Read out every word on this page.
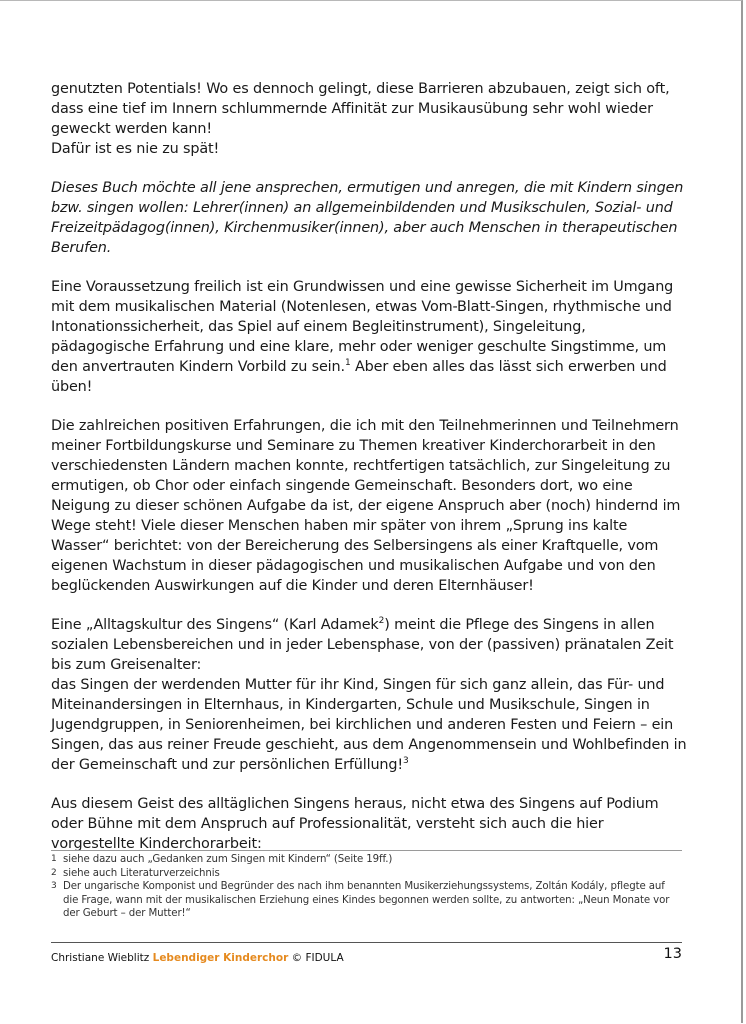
genutzten Potentials! Wo es dennoch gelingt, diese Barrieren abzubauen, zeigt sich oft, dass eine tief im Innern schlummernde Affinität zur Musikausübung sehr wohl wieder geweckt werden kann!

Dafür ist es nie zu spät!

Dieses Buch möchte all jene ansprechen, ermutigen und anregen, die mit Kindern singen bzw. singen wollen: Lehrer(innen) an allgemeinbildenden und Musikschulen, Sozial- und Freizeitpädagog(innen), Kirchenmusiker(innen), aber auch Menschen in therapeutischen Berufen.

Eine Voraussetzung freilich ist ein Grundwissen und eine gewisse Sicherheit im Umgang mit dem musikalischen Material (Notenlesen, etwas Vom-Blatt-Singen, rhythmische und Intonationssicherheit, das Spiel auf einem Begleitinstrument), Singeleitung, pädagogische Erfahrung und eine klare, mehr oder weniger geschulte Singstimme, um den anvertrauten Kindern Vorbild zu sein.$^1$ Aber eben alles das lässt sich erwerben und üben!

Die zahlreichen positiven Erfahrungen, die ich mit den Teilnehmerinnen und Teilnehmern meiner Fortbildungskurse und Seminare zu Themen kreativer Kinderchorarbeit in den verschiedensten Ländern machen konnte, rechtfertigen tatsächlich, zur Singeleitung zu ermutigen, ob Chor oder einfach singende Gemeinschaft. Besonders dort, wo eine Neigung zu dieser schönen Aufgabe da ist, der eigene Anspruch aber (noch) hindernd im Wege steht! Viele dieser Menschen haben mir später von ihrem „Sprung ins kalte Wasser“ berichtet: von der Bereicherung des Selbersingens als einer Kraftquelle, vom eigenen Wachstum in dieser pädagogischen und musikalischen Aufgabe und von den beglückenden Auswirkungen auf die Kinder und deren Elternhäuser!

Eine „Alltagskultur des Singens“ (Karl Adamek$^2$) meint die Pflege des Singens in allen sozialen Lebensbereichen und in jeder Lebensphase, von der (passiven) pränatalen Zeit bis zum Greisenalter:

das Singen der werdenden Mutter für ihr Kind, Singen für sich ganz allein, das Für- und Miteinandersingen in Elternhaus, in Kindergarten, Schule und Musikschule, Singen in Jugendgruppen, in Seniorenheimen, bei kirchlichen und anderen Festen und Feiern – ein Singen, das aus reiner Freude geschieht, aus dem Angenommensein und Wohlbefinden in der Gemeinschaft und zur persönlichen Erfüllung!$^3$

Aus diesem Geist des alltäglichen Singens heraus, nicht etwa des Singens auf Podium oder Bühne mit dem Anspruch auf Professionalität, versteht sich auch die hier vorgestellte Kinderchorarbeit:

1 siehe dazu auch „Gedanken zum Singen mit Kindern“ (Seite 19ff.)
2 siehe auch Literaturverzeichnis
3 Der ungarische Komponist und Begründer des nach ihm benannten Musikerziehungssystems, Zoltán Kodály, pflegte auf die Frage, wann mit der musikalischen Erziehung eines Kindes begonnen werden sollte, zu antworten: „Neun Monate vor der Geburt – der Mutter!“
Christiane Wieblitz Lebendiger Kinderchor © FIDULA	13
